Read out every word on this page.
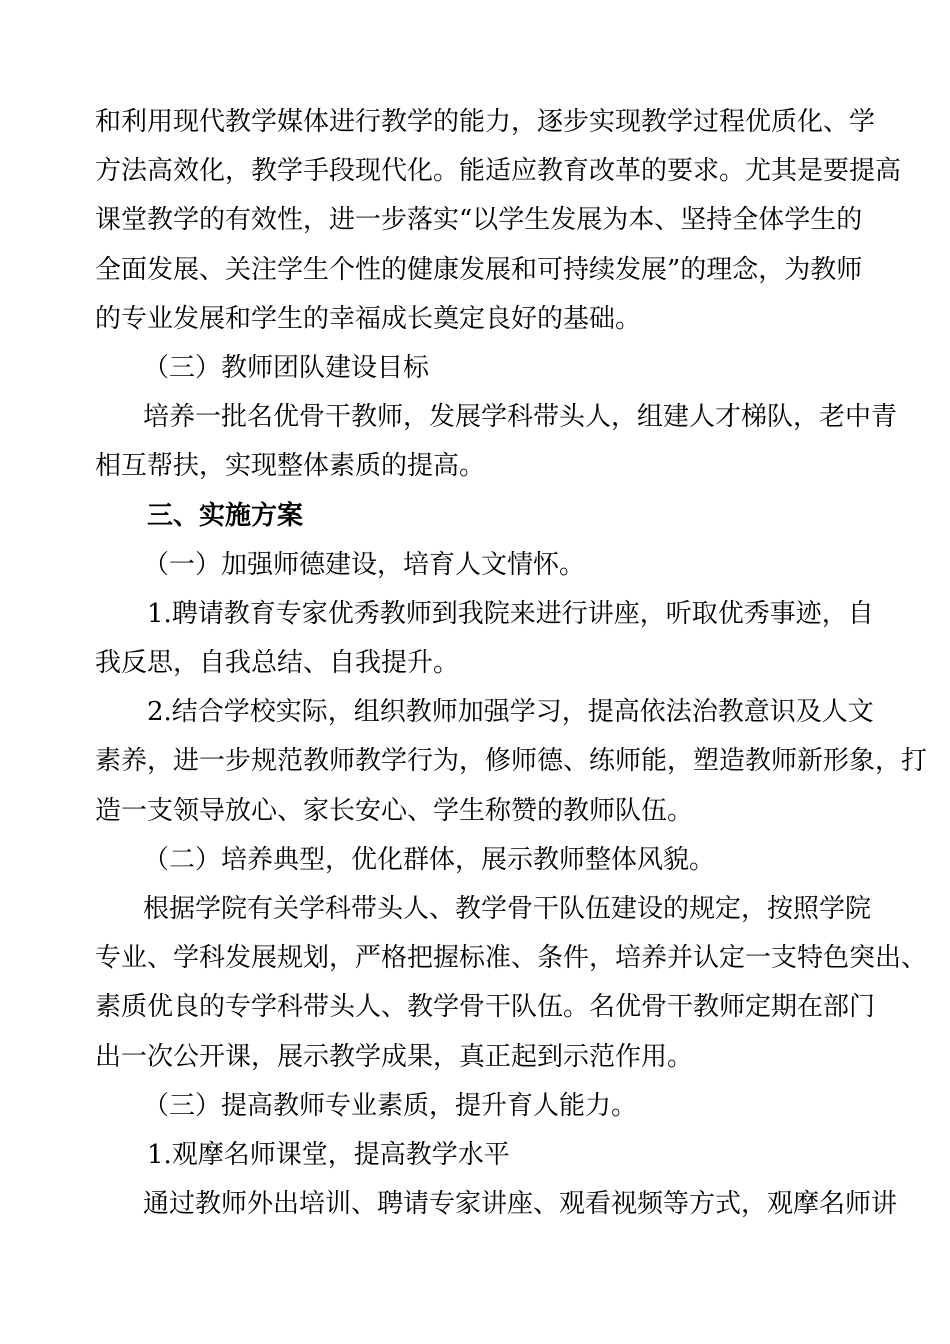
和利用现代教学媒体进行教学的能力，逐步实现教学过程优质化、学
方法高效化，教学手段现代化。能适应教育改革的要求。尤其是要提高
课堂教学的有效性，进一步落实“以学生发展为本、坚持全体学生的
全面发展、关注学生个性的健康发展和可持续发展”的理念，为教师
的专业发展和学生的幸福成长奠定良好的基础。
（三）教师团队建设目标
培养一批名优骨干教师，发展学科带头人，组建人才梯队，老中青
相互帮扶，实现整体素质的提高。
三、实施方案
（一）加强师德建设，培育人文情怀。
1.聘请教育专家优秀教师到我院来进行讲座，听取优秀事迹，自
我反思，自我总结、自我提升。
2.结合学校实际，组织教师加强学习，提高依法治教意识及人文
素养，进一步规范教师教学行为，修师德、练师能，塑造教师新形象，打
造一支领导放心、家长安心、学生称赞的教师队伍。
（二）培养典型，优化群体，展示教师整体风貌。
根据学院有关学科带头人、教学骨干队伍建设的规定，按照学院
专业、学科发展规划，严格把握标准、条件，培养并认定一支特色突出、
素质优良的专学科带头人、教学骨干队伍。名优骨干教师定期在部门
出一次公开课，展示教学成果，真正起到示范作用。
（三）提高教师专业素质，提升育人能力。
1.观摩名师课堂，提高教学水平
通过教师外出培训、聘请专家讲座、观看视频等方式，观摩名师讲
